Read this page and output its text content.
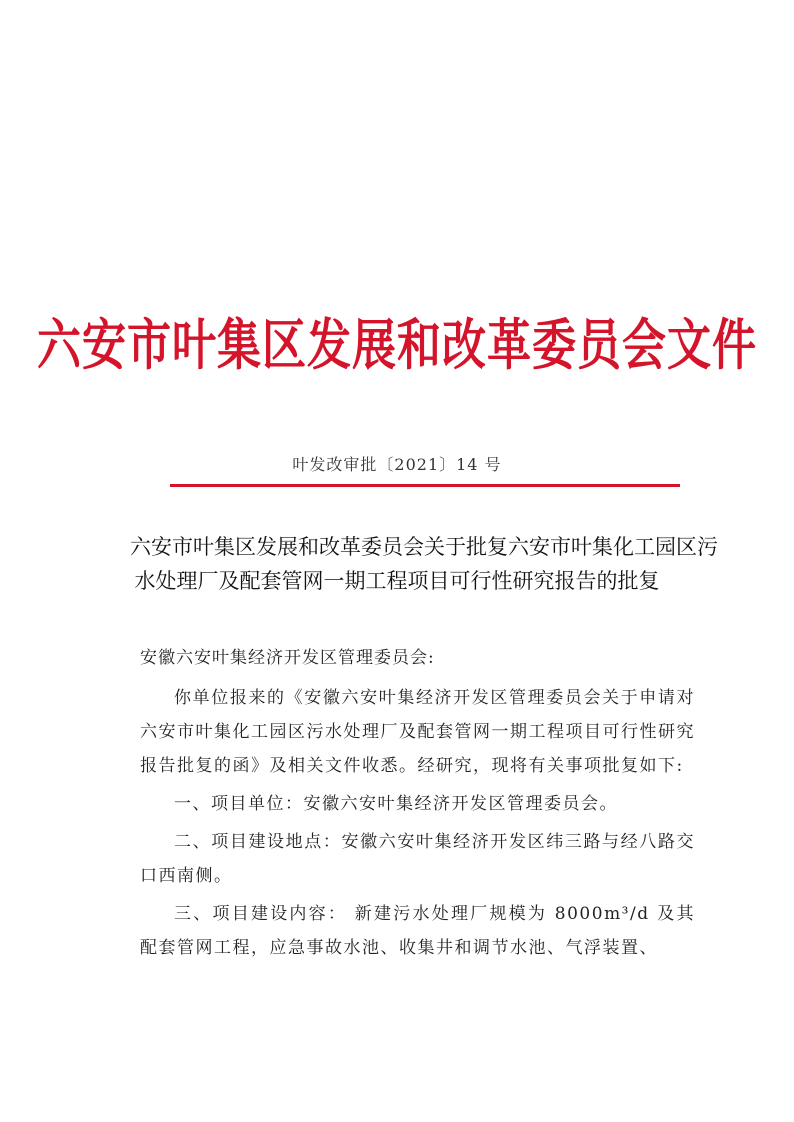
六安市叶集区发展和改革委员会文件
叶发改审批〔2021〕14 号
六安市叶集区发展和改革委员会关于批复六安市叶集化工园区污
水处理厂及配套管网一期工程项目可行性研究报告的批复
安徽六安叶集经济开发区管理委员会:

你单位报来的《安徽六安叶集经济开发区管理委员会关于申请对六安市叶集化工园区污水处理厂及配套管网一期工程项目可行性研究报告批复的函》及相关文件收悉。经研究，现将有关事项批复如下:

一、项目单位：安徽六安叶集经济开发区管理委员会。

二、项目建设地点：安徽六安叶集经济开发区纬三路与经八路交口西南侧。

三、项目建设内容： 新建污水处理厂规模为 8000m³/d 及其配套管网工程，应急事故水池、收集井和调节水池、气浮装置、
